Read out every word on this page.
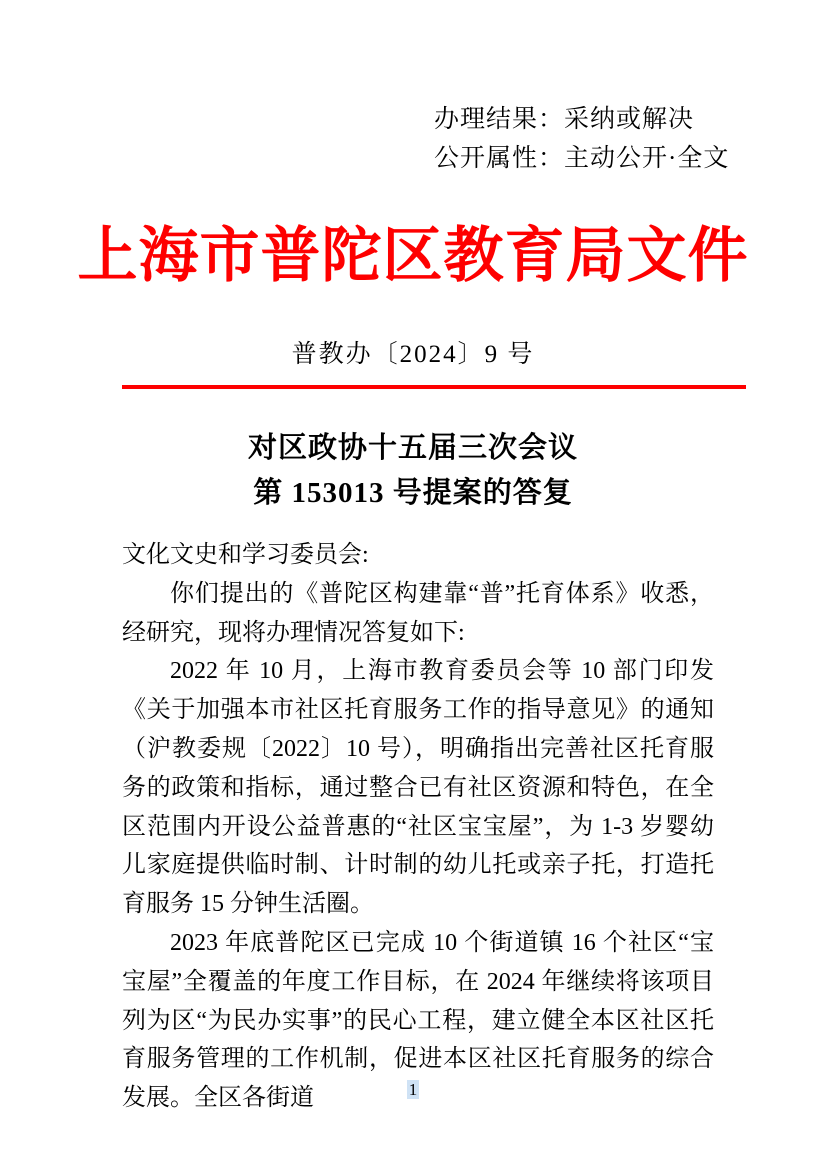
办理结果：采纳或解决
公开属性：主动公开·全文
上海市普陀区教育局文件
普教办〔2024〕9 号
对区政协十五届三次会议
第 153013 号提案的答复

文化文史和学习委员会:

你们提出的《普陀区构建靠“普”托育体系》收悉，经研究，现将办理情况答复如下:

2022 年 10 月，上海市教育委员会等 10 部门印发《关于加强本市社区托育服务工作的指导意见》的通知（沪教委规〔2022〕10 号），明确指出完善社区托育服务的政策和指标，通过整合已有社区资源和特色，在全区范围内开设公益普惠的“社区宝宝屋”，为 1-3 岁婴幼儿家庭提供临时制、计时制的幼儿托或亲子托，打造托育服务 15 分钟生活圈。

2023 年底普陀区已完成 10 个街道镇 16 个社区“宝宝屋”全覆盖的年度工作目标，在 2024 年继续将该项目列为区“为民办实事”的民心工程，建立健全本区社区托育服务管理的工作机制，促进本区社区托育服务的综合发展。全区各街道	1
